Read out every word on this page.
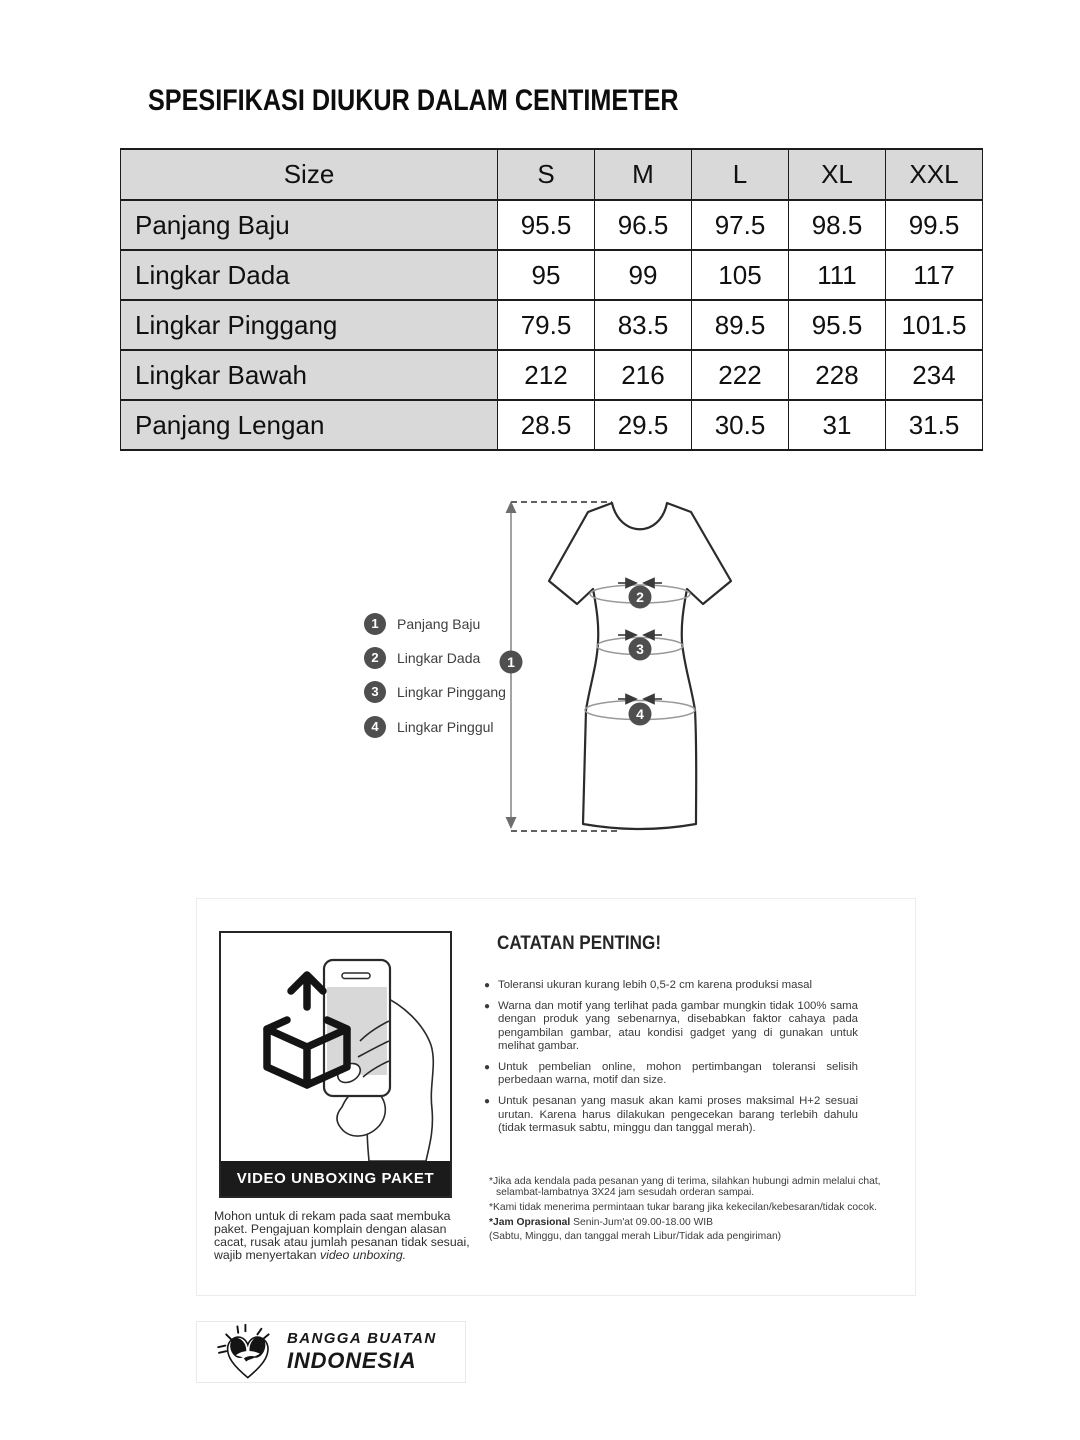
SPESIFIKASI DIUKUR DALAM CENTIMETER
Size	S	M	L	XL	XXL
Panjang Baju	95.5	96.5	97.5	98.5	99.5
Lingkar Dada	95	99	105	111	117
Lingkar Pinggang	79.5	83.5	89.5	95.5	101.5
Lingkar Bawah	212	216	222	228	234
Panjang Lengan	28.5	29.5	30.5	31	31.5
1
2
3
4
1	Panjang Baju
2	Lingkar Dada
3	Lingkar Pinggang
4	Lingkar Pinggul
VIDEO UNBOXING PAKET
Mohon untuk di rekam pada saat membuka paket. Pengajuan komplain dengan alasan cacat, rusak atau jumlah pesanan tidak sesuai, wajib menyertakan video unboxing.
CATATAN PENTING!
● Toleransi ukuran kurang lebih 0,5-2 cm karena produksi masal
● Warna dan motif yang terlihat pada gambar mungkin tidak 100% sama dengan produk yang sebenarnya, disebabkan faktor cahaya pada pengambilan gambar, atau kondisi gadget yang di gunakan untuk melihat gambar.
● Untuk pembelian online, mohon pertimbangan toleransi selisih perbedaan warna, motif dan size.
● Untuk pesanan yang masuk akan kami proses maksimal H+2 sesuai urutan. Karena harus dilakukan pengecekan barang terlebih dahulu (tidak termasuk sabtu, minggu dan tanggal merah).
*Jika ada kendala pada pesanan yang di terima, silahkan hubungi admin melalui chat, selambat-lambatnya 3X24 jam sesudah orderan sampai.
*Kami tidak menerima permintaan tukar barang jika kekecilan/kebesaran/tidak cocok.
*Jam Oprasional Senin-Jum'at 09.00-18.00 WIB
(Sabtu, Minggu, dan tanggal merah Libur/Tidak ada pengiriman)
BANGGA BUATAN
INDONESIA
